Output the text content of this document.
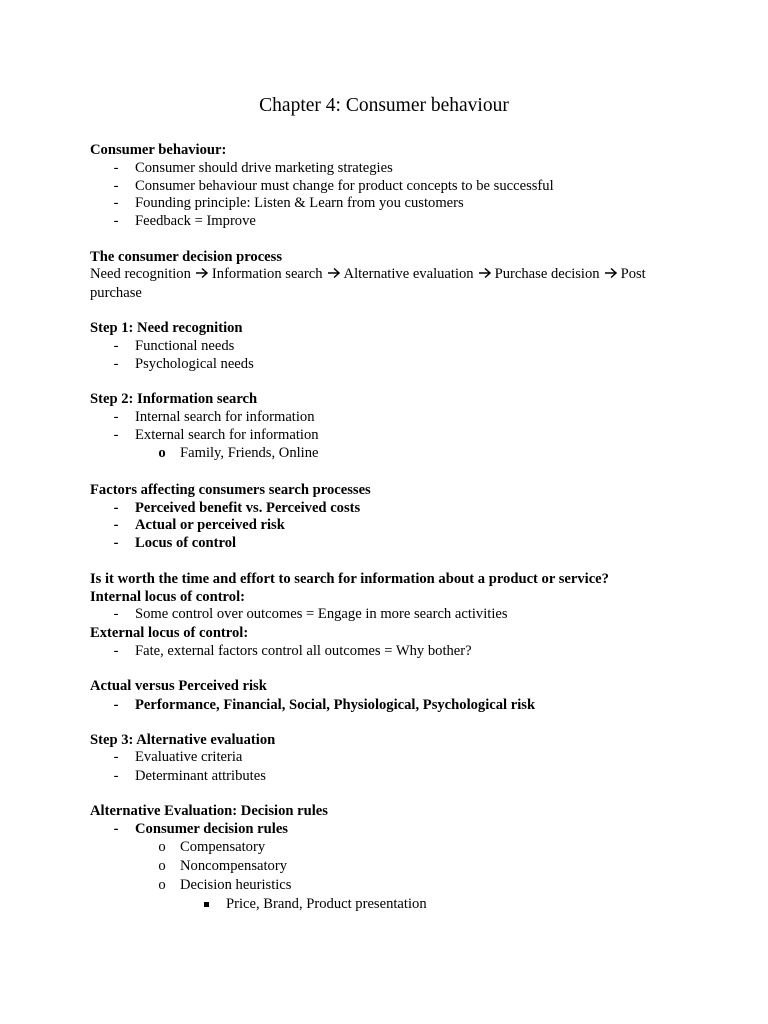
Chapter 4: Consumer behaviour
Consumer behaviour:
- Consumer should drive marketing strategies
- Consumer behaviour must change for product concepts to be successful
- Founding principle: Listen & Learn from you customers
- Feedback = Improve
The consumer decision process
Need recognition Information search Alternative evaluation Purchase decision Post
purchase
Step 1: Need recognition
- Functional needs
- Psychological needs
Step 2: Information search
- Internal search for information
- External search for information
o Family, Friends, Online
Factors affecting consumers search processes
- Perceived benefit vs. Perceived costs
- Actual or perceived risk
- Locus of control
Is it worth the time and effort to search for information about a product or service?
Internal locus of control:
- Some control over outcomes = Engage in more search activities
External locus of control:
- Fate, external factors control all outcomes = Why bother?
Actual versus Perceived risk
- Performance, Financial, Social, Physiological, Psychological risk
Step 3: Alternative evaluation
- Evaluative criteria
- Determinant attributes
Alternative Evaluation: Decision rules
- Consumer decision rules
o Compensatory
o Noncompensatory
o Decision heuristics
Price, Brand, Product presentation
